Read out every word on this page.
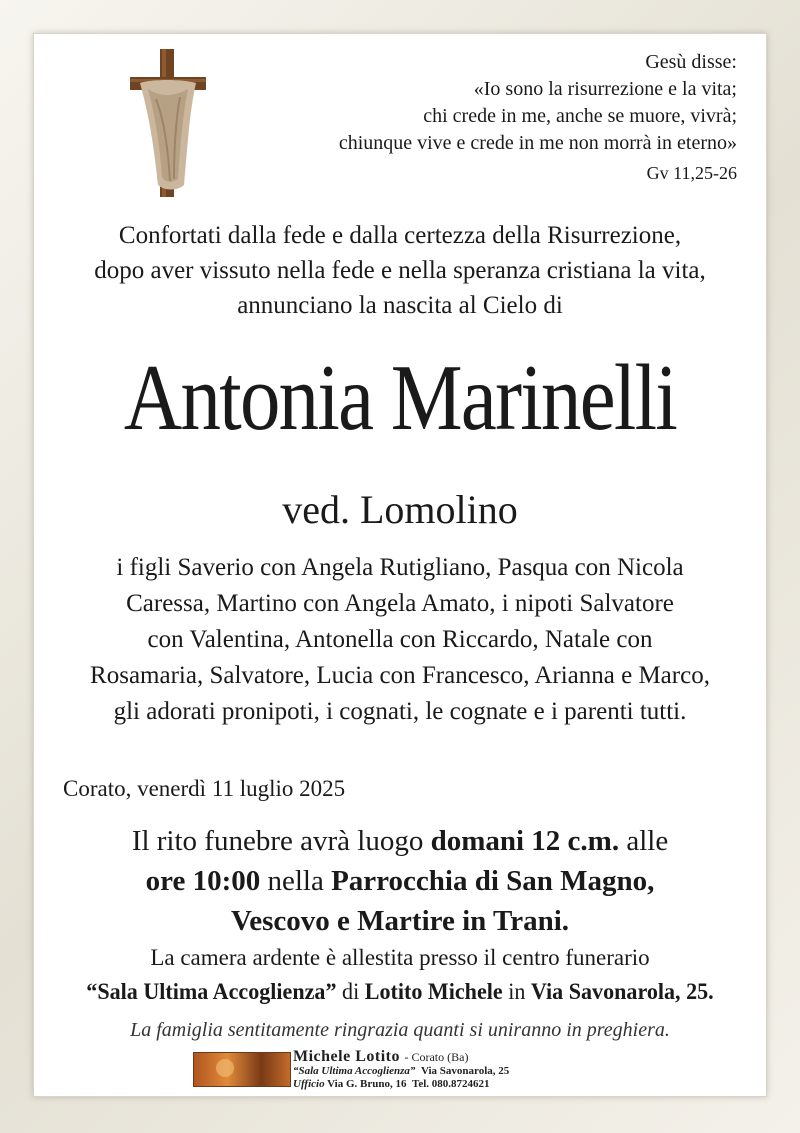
Gesù disse:
«Io sono la risurrezione e la vita;
chi crede in me, anche se muore, vivrà;
chiunque vive e crede in me non morrà in eterno»
Gv 11,25-26
Confortati dalla fede e dalla certezza della Risurrezione,
dopo aver vissuto nella fede e nella speranza cristiana la vita,
annunciano la nascita al Cielo di
Antonia Marinelli
ved. Lomolino
i figli Saverio con Angela Rutigliano, Pasqua con Nicola
Caressa, Martino con Angela Amato, i nipoti Salvatore
con Valentina, Antonella con Riccardo, Natale con
Rosamaria, Salvatore, Lucia con Francesco, Arianna e Marco,
gli adorati pronipoti, i cognati, le cognate e i parenti tutti.
Corato, venerdì 11 luglio 2025
Il rito funebre avrà luogo domani 12 c.m. alle
ore 10:00 nella Parrocchia di San Magno,
Vescovo e Martire in Trani.
La camera ardente è allestita presso il centro funerario
“Sala Ultima Accoglienza” di Lotito Michele in Via Savonarola, 25.
La famiglia sentitamente ringrazia quanti si uniranno in preghiera.
Michele Lotito - Corato (Ba)
“Sala Ultima Accoglienza” Via Savonarola, 25
Ufficio Via G. Bruno, 16 Tel. 080.8724621
